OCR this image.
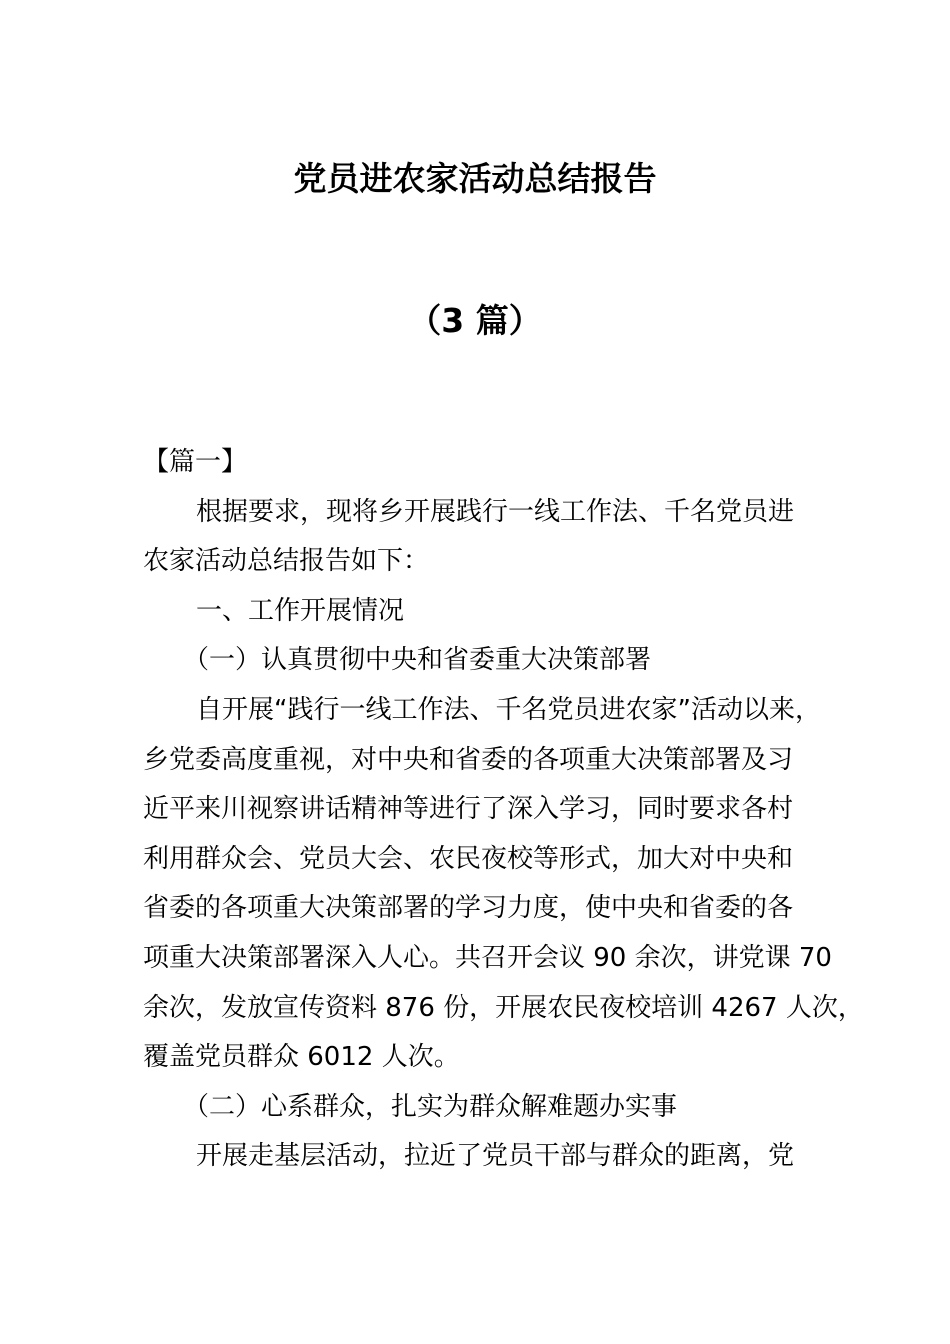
党员进农家活动总结报告
（3 篇）
【篇一】
根据要求，现将乡开展践行一线工作法、千名党员进
农家活动总结报告如下：
一、工作开展情况
（一）认真贯彻中央和省委重大决策部署
自开展“践行一线工作法、千名党员进农家”活动以来，
乡党委高度重视，对中央和省委的各项重大决策部署及习
近平来川视察讲话精神等进行了深入学习，同时要求各村
利用群众会、党员大会、农民夜校等形式，加大对中央和
省委的各项重大决策部署的学习力度，使中央和省委的各
项重大决策部署深入人心。共召开会议 90 余次，讲党课 70
余次，发放宣传资料 876 份，开展农民夜校培训 4267 人次，
覆盖党员群众 6012 人次。
（二）心系群众，扎实为群众解难题办实事
开展走基层活动，拉近了党员干部与群众的距离，党
